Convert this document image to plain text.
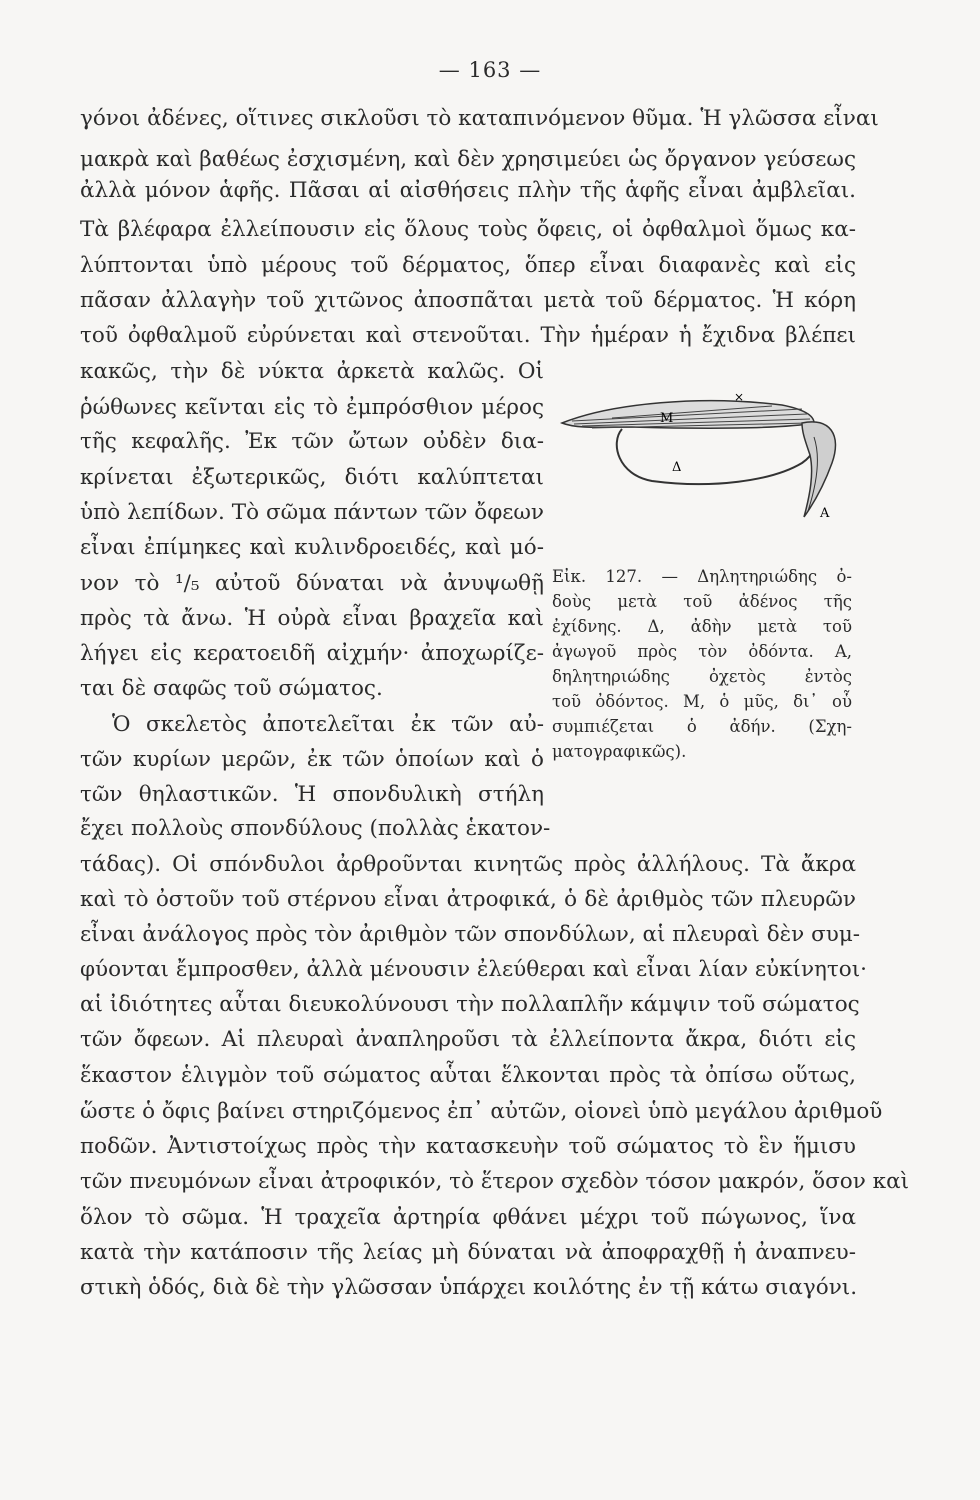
— 163 —
γόνοι ἀδένες, οἵτινες σικλοῦσι τὸ καταπινόμενον θῦμα. Ἡ γλῶσσα εἶναι
μακρὰ καὶ βαθέως ἐσχισμένη, καὶ δὲν χρησιμεύει ὡς ὄργανον γεύσεως
ἀλλὰ μόνον ἁφῆς. Πᾶσαι αἱ αἰσθήσεις πλὴν τῆς ἁφῆς εἶναι ἀμβλεῖαι.
Τὰ βλέφαρα ἐλλείπουσιν εἰς ὅλους τοὺς ὄφεις, οἱ ὀφθαλμοὶ ὅμως κα-
λύπτονται ὑπὸ μέρους τοῦ δέρματος, ὅπερ εἶναι διαφανὲς καὶ εἰς
πᾶσαν ἀλλαγὴν τοῦ χιτῶνος ἀποσπᾶται μετὰ τοῦ δέρματος. Ἡ κόρη
τοῦ ὀφθαλμοῦ εὐρύνεται καὶ στενοῦται. Τὴν ἡμέραν ἡ ἔχιδνα βλέπει
κακῶς, τὴν δὲ νύκτα ἀρκετὰ καλῶς. Οἱ
ῥώθωνες κεῖνται εἰς τὸ ἐμπρόσθιον μέρος
τῆς κεφαλῆς. Ἐκ τῶν ὤτων οὐδὲν δια-
κρίνεται ἐξωτερικῶς, διότι καλύπτεται
ὑπὸ λεπίδων. Τὸ σῶμα πάντων τῶν ὄφεων
εἶναι ἐπίμηκες καὶ κυλινδροειδές, καὶ μό-
νον τὸ ¹/₅ αὐτοῦ δύναται νὰ ἀνυψωθῇ
πρὸς τὰ ἄνω. Ἡ οὐρὰ εἶναι βραχεῖα καὶ
λήγει εἰς κερατοειδῆ αἰχμήν· ἀποχωρίζε-
ται δὲ σαφῶς τοῦ σώματος.
Ὁ σκελετὸς ἀποτελεῖται ἐκ τῶν αὐ-
τῶν κυρίων μερῶν, ἐκ τῶν ὁποίων καὶ ὁ
τῶν θηλαστικῶν. Ἡ σπονδυλικὴ στήλη
ἔχει πολλοὺς σπονδύλους (πολλὰς ἑκατον-
τάδας). Οἱ σπόνδυλοι ἀρθροῦνται κινητῶς πρὸς ἀλλήλους. Τὰ ἄκρα
καὶ τὸ ὀστοῦν τοῦ στέρνου εἶναι ἀτροφικά, ὁ δὲ ἀριθμὸς τῶν πλευρῶν
εἶναι ἀνάλογος πρὸς τὸν ἀριθμὸν τῶν σπονδύλων, αἱ πλευραὶ δὲν συμ-
φύονται ἔμπροσθεν, ἀλλὰ μένουσιν ἐλεύθεραι καὶ εἶναι λίαν εὐκίνητοι·
αἱ ἰδιότητες αὗται διευκολύνουσι τὴν πολλαπλῆν κάμψιν τοῦ σώματος
τῶν ὄφεων. Αἱ πλευραὶ ἀναπληροῦσι τὰ ἐλλείποντα ἄκρα, διότι εἰς
ἕκαστον ἑλιγμὸν τοῦ σώματος αὗται ἕλκονται πρὸς τὰ ὀπίσω οὕτως,
ὥστε ὁ ὄφις βαίνει στηριζόμενος ἐπ᾽ αὐτῶν, οἱονεὶ ὑπὸ μεγάλου ἀριθμοῦ
ποδῶν. Ἀντιστοίχως πρὸς τὴν κατασκευὴν τοῦ σώματος τὸ ἓν ἥμισυ
τῶν πνευμόνων εἶναι ἀτροφικόν, τὸ ἕτερον σχεδὸν τόσον μακρόν, ὅσον καὶ
ὅλον τὸ σῶμα. Ἡ τραχεῖα ἀρτηρία φθάνει μέχρι τοῦ πώγωνος, ἵνα
κατὰ τὴν κατάποσιν τῆς λείας μὴ δύναται νὰ ἀποφραχθῇ ἡ ἀναπνευ-
στικὴ ὁδός, διὰ δὲ τὴν γλῶσσαν ὑπάρχει κοιλότης ἐν τῇ κάτω σιαγόνι.
M
Δ
A
×
Εἰκ. 127. — Δηλητηριώδης ὀ-
δοὺς μετὰ τοῦ ἀδένος τῆς
ἐχίδνης. Δ, ἀδὴν μετὰ τοῦ
ἀγωγοῦ πρὸς τὸν ὀδόντα. Α,
δηλητηριώδης ὀχετὸς ἐντὸς
τοῦ ὀδόντος. Μ, ὁ μῦς, δι᾽ οὗ
συμπιέζεται ὁ ἀδήν. (Σχη-
ματογραφικῶς).
